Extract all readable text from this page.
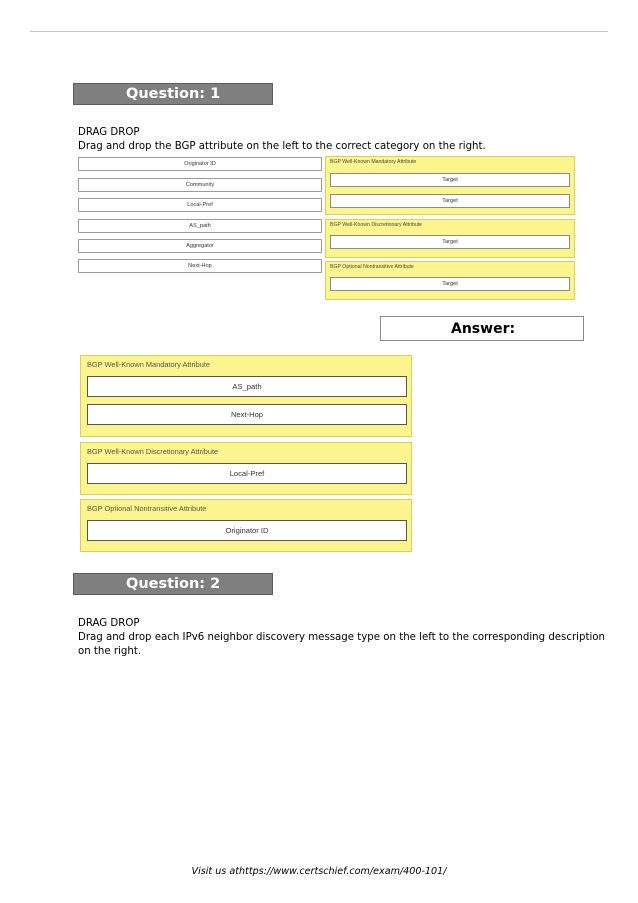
Question: 1
DRAG DROP
Drag and drop the BGP attribute on the left to the correct category on the right.
Originator ID
Community
Local-Pref
AS_path
Aggregator
Next-Hop
BGP Well-Known Mandatory Attribute
Target
Target
BGP Well-Known Discretionary Attribute
Target
BGP Optional Nontransitive Attribute
Target
Answer:
BGP Well-Known Mandatory Attribute
AS_path
Next-Hop
BGP Well-Known Discretionary Attribute
Local-Pref
BGP Optional Nontransitive Attribute
Originator ID
Question: 2
DRAG DROP
Drag and drop each IPv6 neighbor discovery message type on the left to the corresponding description
on the right.
Visit us athttps://www.certschief.com/exam/400-101/
